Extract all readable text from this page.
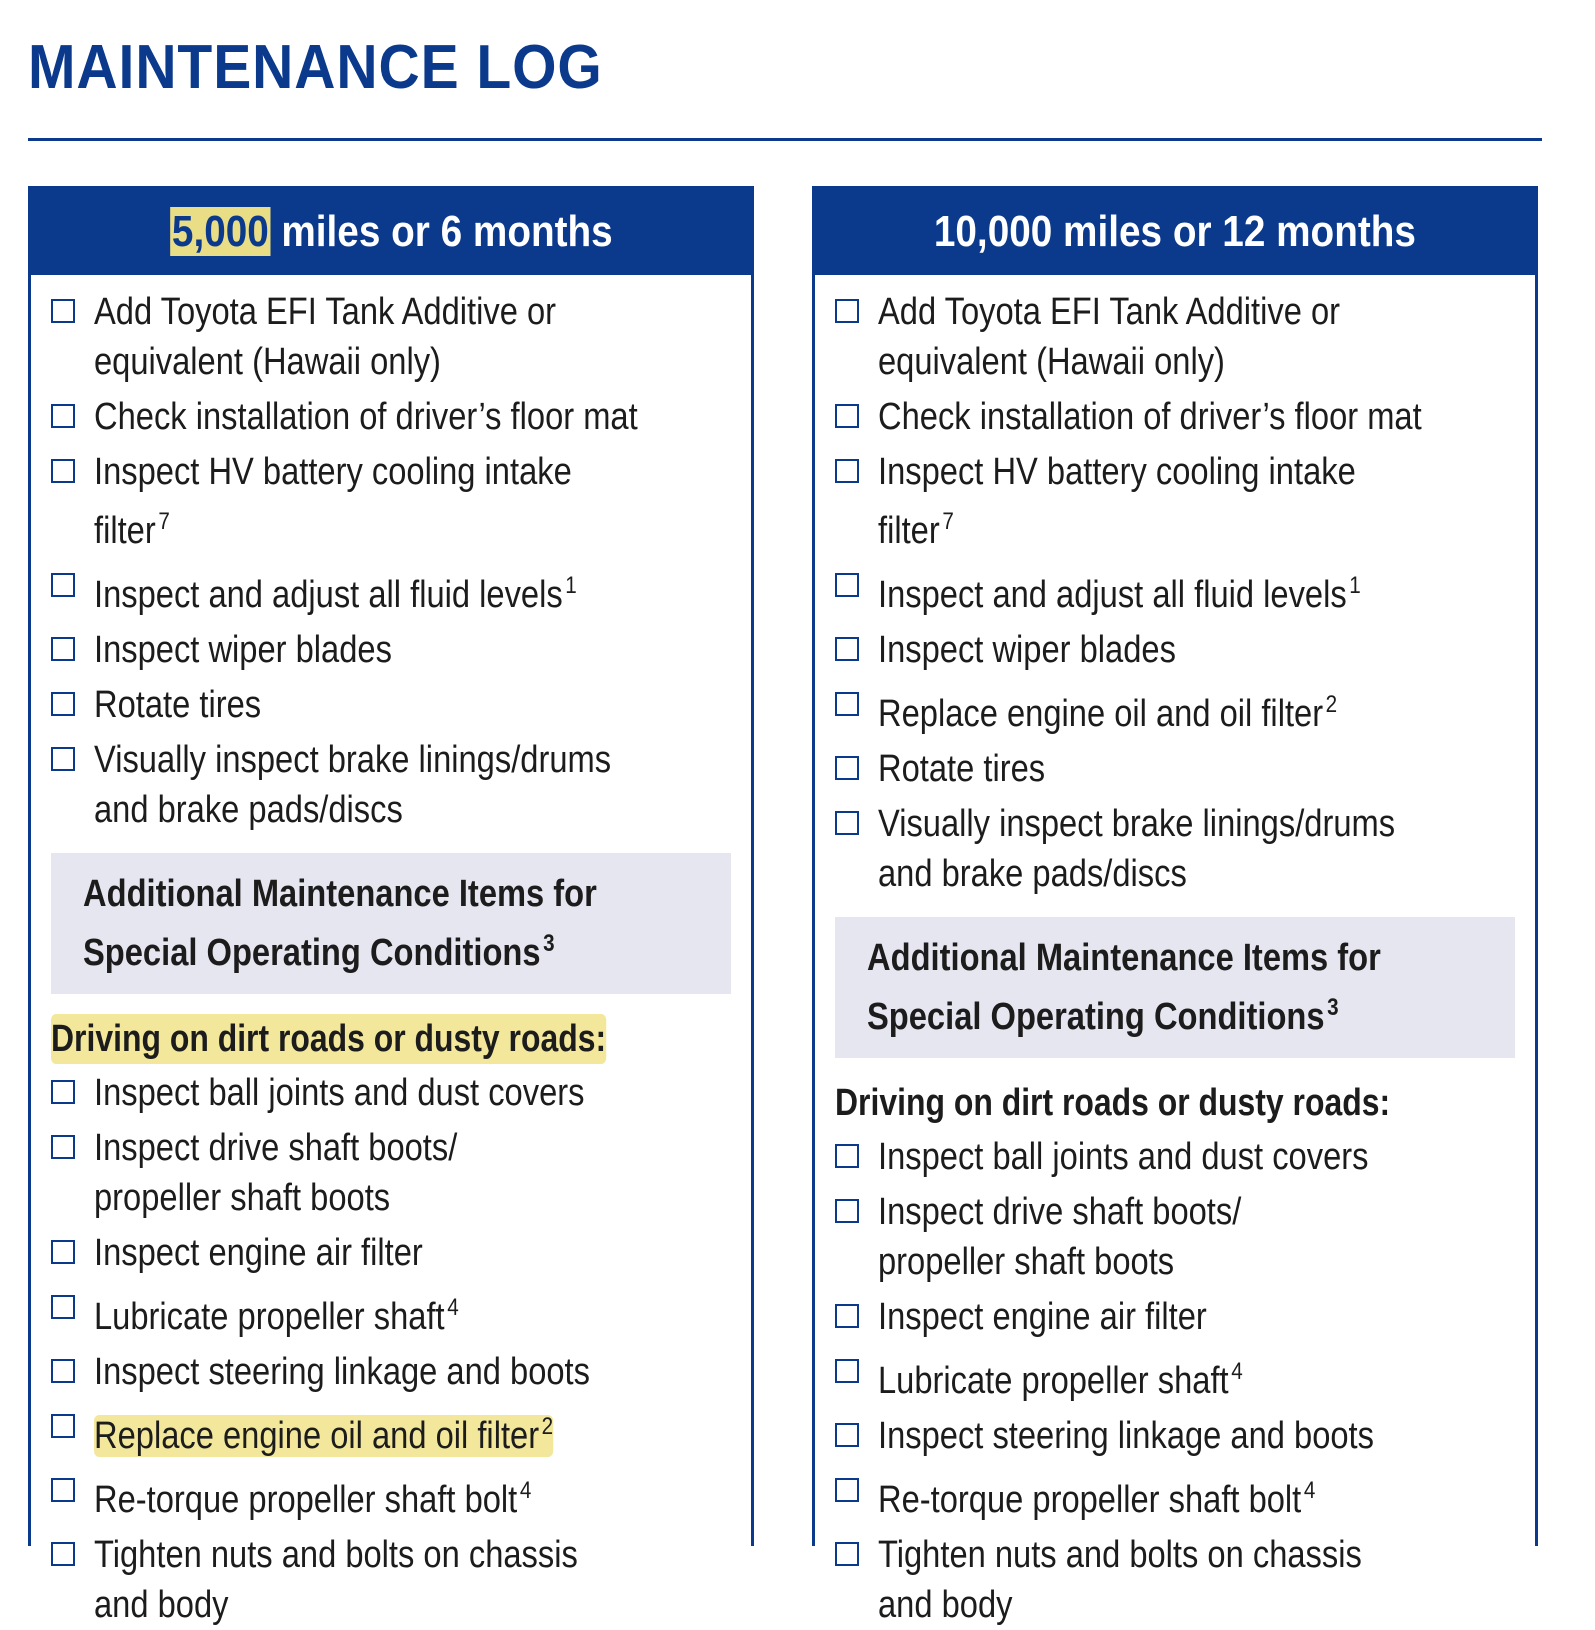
MAINTENANCE LOG
5,000 miles or 6 months
Add Toyota EFI Tank Additive or
equivalent (Hawaii only)
Check installation of driver’s floor mat
Inspect HV battery cooling intake filter $^7$
Inspect and adjust all fluid levels $^1$
Inspect wiper blades
Rotate tires
Visually inspect brake linings/drums
and brake pads/discs
Additional Maintenance Items for
Special Operating Conditions $^3$
Driving on dirt roads or dusty roads:
Inspect ball joints and dust covers
Inspect drive shaft boots/
propeller shaft boots
Inspect engine air filter
Lubricate propeller shaft $^4$
Inspect steering linkage and boots
Replace engine oil and oil filter $^2$
Re-torque propeller shaft bolt $^4$
Tighten nuts and bolts on chassis
and body
10,000 miles or 12 months
Add Toyota EFI Tank Additive or
equivalent (Hawaii only)
Check installation of driver’s floor mat
Inspect HV battery cooling intake filter $^7$
Inspect and adjust all fluid levels $^1$
Inspect wiper blades
Replace engine oil and oil filter $^2$
Rotate tires
Visually inspect brake linings/drums
and brake pads/discs
Additional Maintenance Items for
Special Operating Conditions $^3$
Driving on dirt roads or dusty roads:
Inspect ball joints and dust covers
Inspect drive shaft boots/
propeller shaft boots
Inspect engine air filter
Lubricate propeller shaft $^4$
Inspect steering linkage and boots
Re-torque propeller shaft bolt $^4$
Tighten nuts and bolts on chassis
and body
